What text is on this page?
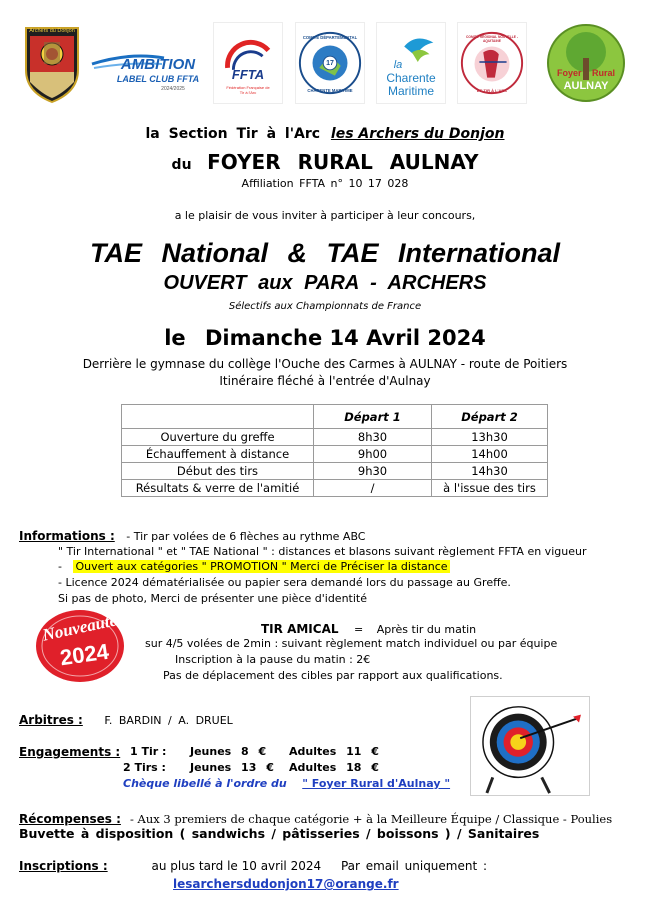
Archers du Donjon
AMBITION
LABEL CLUB FFTA
2024/2025
FFTA
Fédération Française de Tir à l'Arc
COMITÉ DÉPARTEMENTAL
17
CHARENTE MARITIME
la
Charente
Maritime
COMITÉ RÉGIONAL NOUVELLE - AQUITAINE
DE TIR À L'ARC
Foyer Rural
AULNAY
la Section Tir à l'Arc les Archers du Donjon
du FOYER RURAL AULNAY
Affiliation FFTA n° 10 17 028
a le plaisir de vous inviter à participer à leur concours,
TAE National & TAE International
OUVERT aux PARA - ARCHERS
Sélectifs aux Championnats de France
le Dimanche 14 Avril 2024
Derrière le gymnase du collège l'Ouche des Carmes à AULNAY - route de Poitiers
Itinéraire fléché à l'entrée d'Aulnay
	Départ 1	Départ 2
Ouverture du greffe	8h30	13h30
Échauffement à distance	9h00	14h00
Début des tirs	9h30	14h30
Résultats & verre de l'amitié	/	à l'issue des tirs
Informations : - Tir par volées de 6 flèches au rythme ABC
" Tir International " et " TAE National " : distances et blasons suivant règlement FFTA en vigueur
- Ouvert aux catégories " PROMOTION " Merci de Préciser la distance
- Licence 2024 dématérialisée ou papier sera demandé lors du passage au Greffe.
Si pas de photo, Merci de présenter une pièce d'identité
Nouveauté
2024
TIR AMICAL = Après tir du matin
sur 4/5 volées de 2min : suivant règlement match individuel ou par équipe
Inscription à la pause du matin : 2€
Pas de déplacement des cibles par rapport aux qualifications.
Arbitres : F. BARDIN / A. DRUEL
Engagements : 1 Tir : Jeunes 8 € Adultes 11 €
2 Tirs : Jeunes 13 € Adultes 18 €
Chèque libellé à l'ordre du " Foyer Rural d'Aulnay "
Récompenses : - Aux 3 premiers de chaque catégorie + à la Meilleure Équipe / Classique - Poulies
Buvette à disposition ( sandwichs / pâtisseries / boissons ) / Sanitaires
Inscriptions :	au plus tard le 10 avril 2024 Par email uniquement :
lesarchersdudonjon17@orange.fr
